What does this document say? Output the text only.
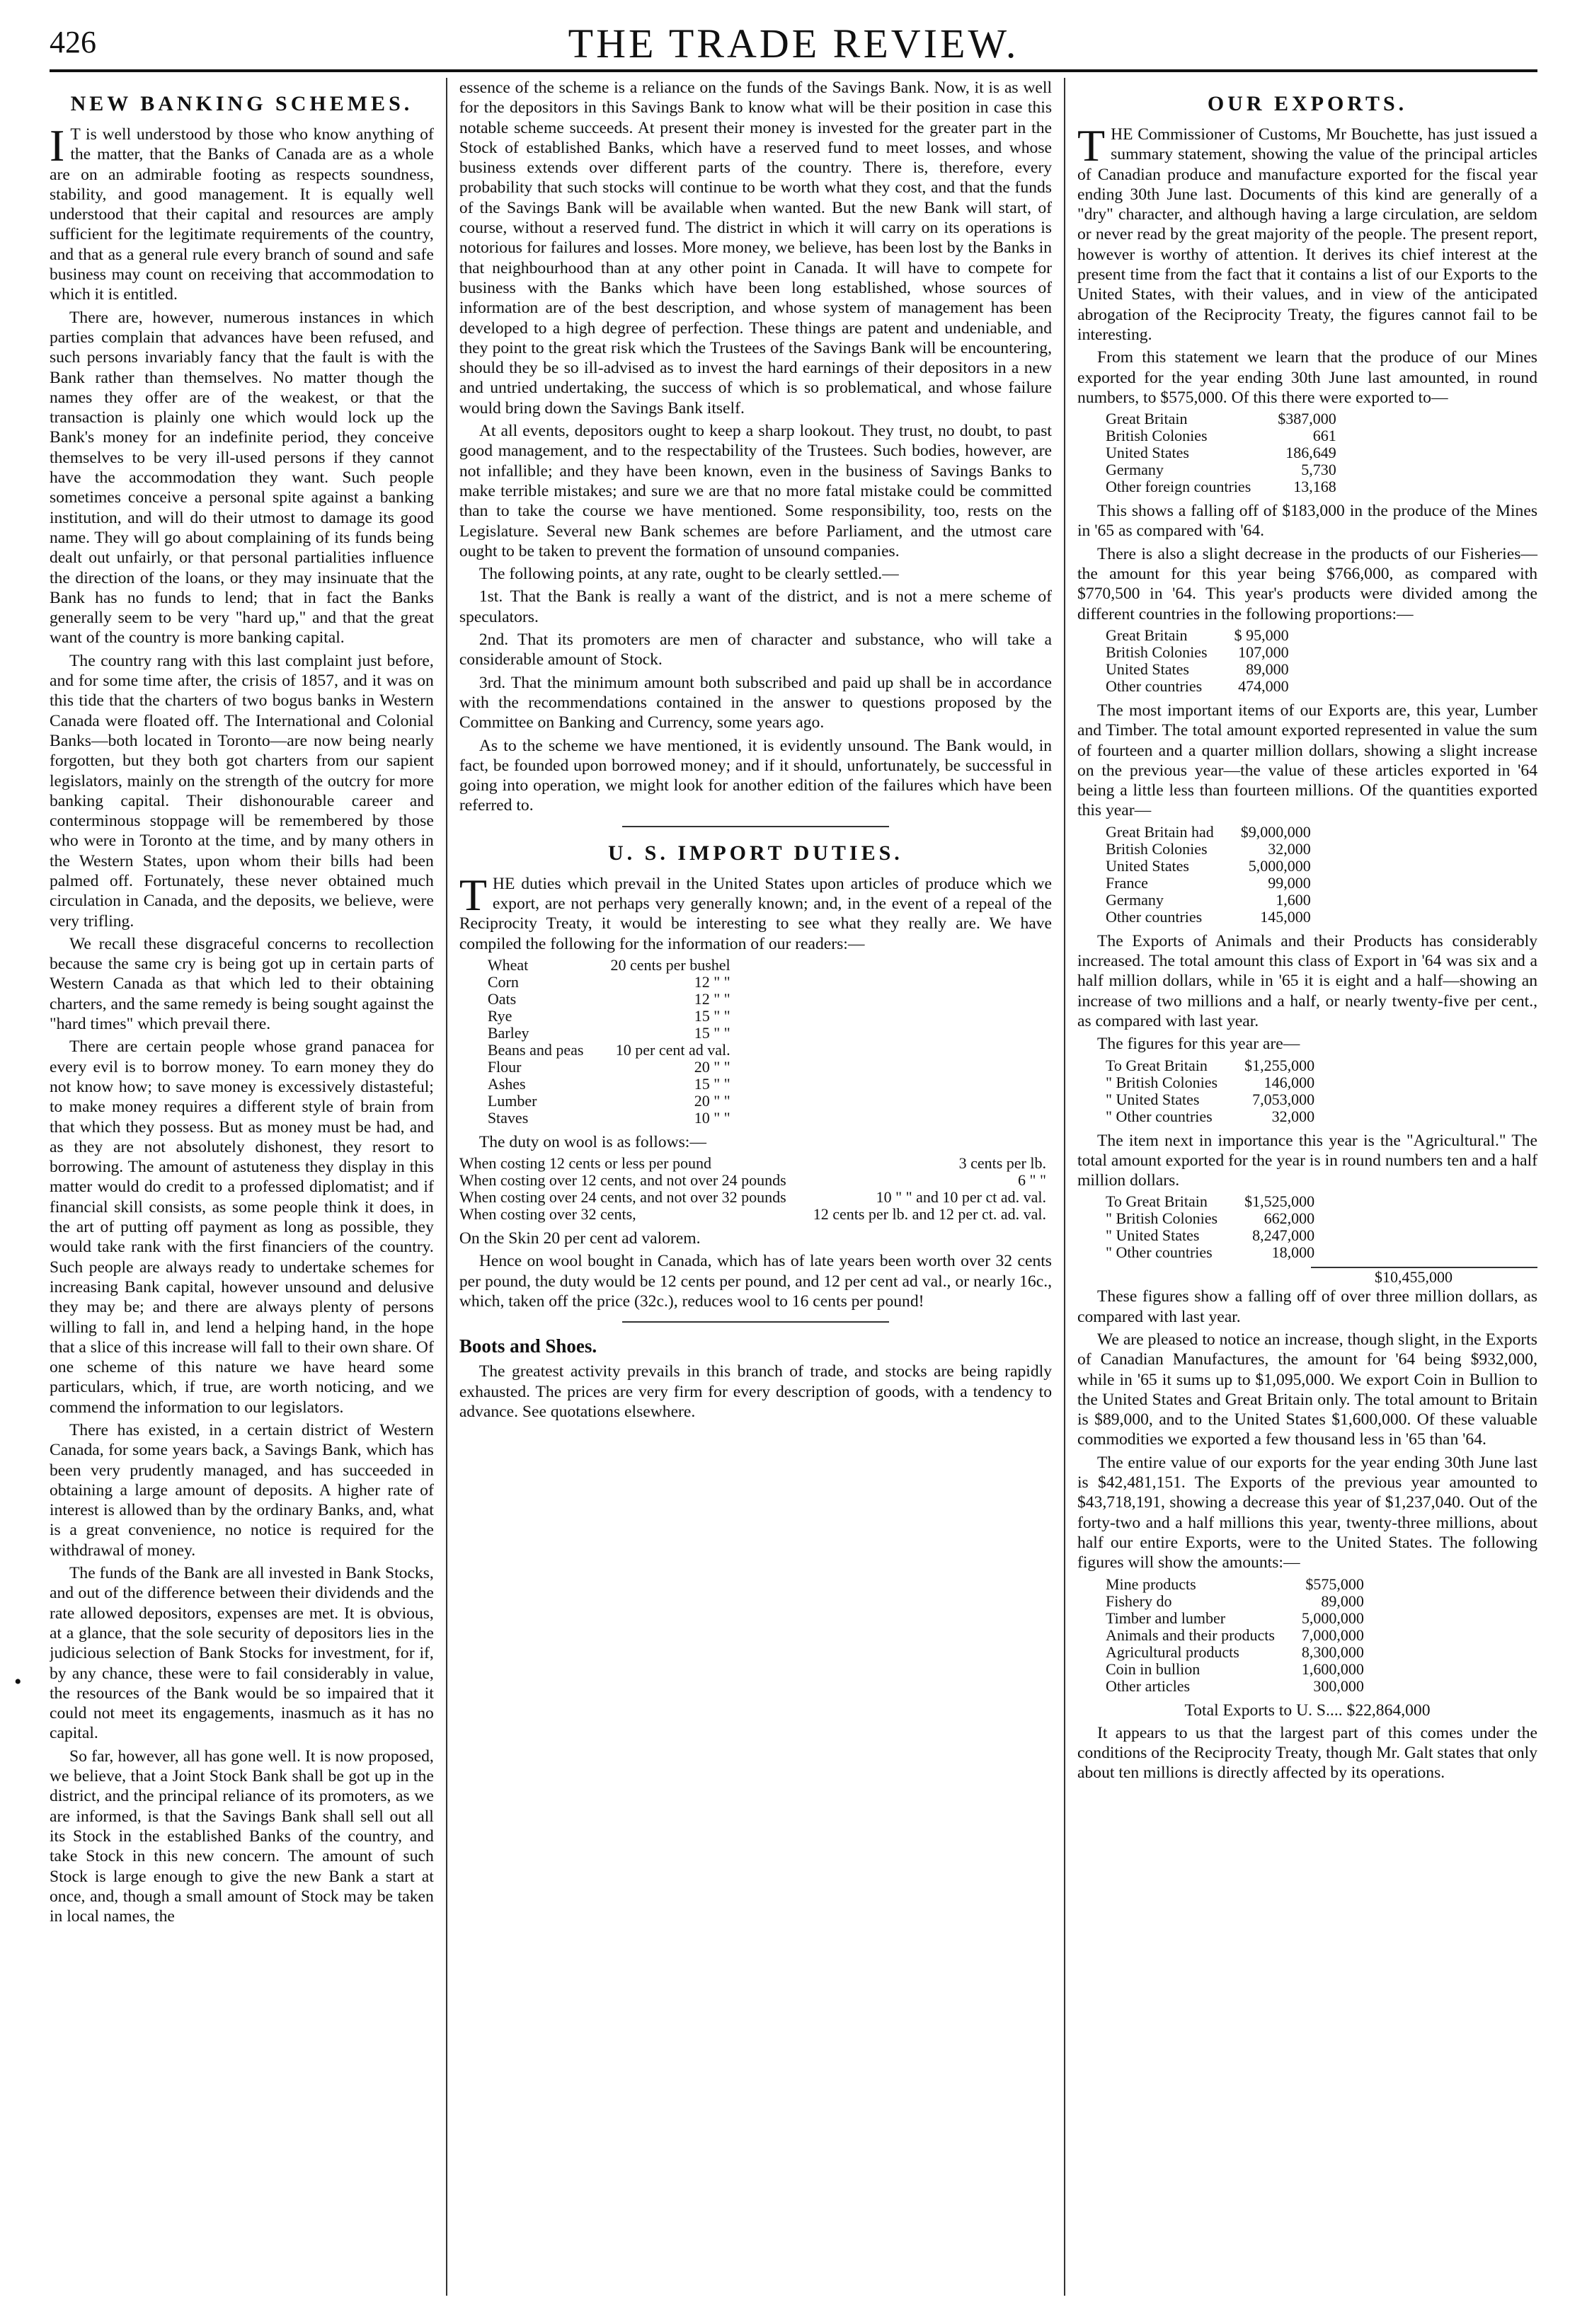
426	THE TRADE REVIEW.
NEW BANKING SCHEMES.

I T is well understood by those who know anything of the matter, that the Banks of Canada are as a whole are on an admirable footing as respects soundness, stability, and good management. It is equally well understood that their capital and resources are amply sufficient for the legitimate requirements of the country, and that as a general rule every branch of sound and safe business may count on receiving that accommodation to which it is entitled.

There are, however, numerous instances in which parties complain that advances have been refused, and such persons invariably fancy that the fault is with the Bank rather than themselves. No matter though the names they offer are of the weakest, or that the transaction is plainly one which would lock up the Bank's money for an indefinite period, they conceive themselves to be very ill-used persons if they cannot have the accommodation they want. Such people sometimes conceive a personal spite against a banking institution, and will do their utmost to damage its good name. They will go about complaining of its funds being dealt out unfairly, or that personal partialities influence the direction of the loans, or they may insinuate that the Bank has no funds to lend; that in fact the Banks generally seem to be very "hard up," and that the great want of the country is more banking capital.

The country rang with this last complaint just before, and for some time after, the crisis of 1857, and it was on this tide that the charters of two bogus banks in Western Canada were floated off. The International and Colonial Banks—both located in Toronto—are now being nearly forgotten, but they both got charters from our sapient legislators, mainly on the strength of the outcry for more banking capital. Their dishonourable career and conterminous stoppage will be remembered by those who were in Toronto at the time, and by many others in the Western States, upon whom their bills had been palmed off. Fortunately, these never obtained much circulation in Canada, and the deposits, we believe, were very trifling.

We recall these disgraceful concerns to recollection because the same cry is being got up in certain parts of Western Canada as that which led to their obtaining charters, and the same remedy is being sought against the "hard times" which prevail there.

There are certain people whose grand panacea for every evil is to borrow money. To earn money they do not know how; to save money is excessively distasteful; to make money requires a different style of brain from that which they possess. But as money must be had, and as they are not absolutely dishonest, they resort to borrowing. The amount of astuteness they display in this matter would do credit to a professed diplomatist; and if financial skill consists, as some people think it does, in the art of putting off payment as long as possible, they would take rank with the first financiers of the country. Such people are always ready to undertake schemes for increasing Bank capital, however unsound and delusive they may be; and there are always plenty of persons willing to fall in, and lend a helping hand, in the hope that a slice of this increase will fall to their own share. Of one scheme of this nature we have heard some particulars, which, if true, are worth noticing, and we commend the information to our legislators.

There has existed, in a certain district of Western Canada, for some years back, a Savings Bank, which has been very prudently managed, and has succeeded in obtaining a large amount of deposits. A higher rate of interest is allowed than by the ordinary Banks, and, what is a great convenience, no notice is required for the withdrawal of money.

The funds of the Bank are all invested in Bank Stocks, and out of the difference between their dividends and the rate allowed depositors, expenses are met. It is obvious, at a glance, that the sole security of depositors lies in the judicious selection of Bank Stocks for investment, for if, by any chance, these were to fail considerably in value, the resources of the Bank would be so impaired that it could not meet its engagements, inasmuch as it has no capital.

So far, however, all has gone well. It is now proposed, we believe, that a Joint Stock Bank shall be got up in the district, and the principal reliance of its promoters, as we are informed, is that the Savings Bank shall sell out all its Stock in the established Banks of the country, and take Stock in this new concern. The amount of such Stock is large enough to give the new Bank a start at once, and, though a small amount of Stock may be taken in local names, the

essence of the scheme is a reliance on the funds of the Savings Bank. Now, it is as well for the depositors in this Savings Bank to know what will be their position in case this notable scheme succeeds. At present their money is invested for the greater part in the Stock of established Banks, which have a reserved fund to meet losses, and whose business extends over different parts of the country. There is, therefore, every probability that such stocks will continue to be worth what they cost, and that the funds of the Savings Bank will be available when wanted. But the new Bank will start, of course, without a reserved fund. The district in which it will carry on its operations is notorious for failures and losses. More money, we believe, has been lost by the Banks in that neighbourhood than at any other point in Canada. It will have to compete for business with the Banks which have been long established, whose sources of information are of the best description, and whose system of management has been developed to a high degree of perfection. These things are patent and undeniable, and they point to the great risk which the Trustees of the Savings Bank will be encountering, should they be so ill-advised as to invest the hard earnings of their depositors in a new and untried undertaking, the success of which is so problematical, and whose failure would bring down the Savings Bank itself.

At all events, depositors ought to keep a sharp lookout. They trust, no doubt, to past good management, and to the respectability of the Trustees. Such bodies, however, are not infallible; and they have been known, even in the business of Savings Banks to make terrible mistakes; and sure we are that no more fatal mistake could be committed than to take the course we have mentioned. Some responsibility, too, rests on the Legislature. Several new Bank schemes are before Parliament, and the utmost care ought to be taken to prevent the formation of unsound companies.

The following points, at any rate, ought to be clearly settled.—

1st. That the Bank is really a want of the district, and is not a mere scheme of speculators.

2nd. That its promoters are men of character and substance, who will take a considerable amount of Stock.

3rd. That the minimum amount both subscribed and paid up shall be in accordance with the recommendations contained in the answer to questions proposed by the Committee on Banking and Currency, some years ago.

As to the scheme we have mentioned, it is evidently unsound. The Bank would, in fact, be founded upon borrowed money; and if it should, unfortunately, be successful in going into operation, we might look for another edition of the failures which have been referred to.

U. S. IMPORT DUTIES.

THE duties which prevail in the United States upon articles of produce which we export, are not perhaps very generally known; and, in the event of a repeal of the Reciprocity Treaty, it would be interesting to see what they really are. We have compiled the following for the information of our readers:—

Wheat	20 cents per bushel
Corn	12 " "
Oats	12 " "
Rye	15 " "
Barley	15 " "
Beans and peas	10 per cent ad val.
Flour	20 " "
Ashes	15 " "
Lumber	20 " "
Staves	10 " "

The duty on wool is as follows:—

When costing 12 cents or less per pound	3 cents per lb.
When costing over 12 cents, and not over 24 pounds	6 " "
When costing over 24 cents, and not over 32 pounds	10 " " and 10 per ct ad. val.
When costing over 32 cents,	12 cents per lb. and 12 per ct. ad. val.

On the Skin 20 per cent ad valorem.

Hence on wool bought in Canada, which has of late years been worth over 32 cents per pound, the duty would be 12 cents per pound, and 12 per cent ad val., or nearly 16c., which, taken off the price (32c.), reduces wool to 16 cents per pound!

Boots and Shoes.

The greatest activity prevails in this branch of trade, and stocks are being rapidly exhausted. The prices are very firm for every description of goods, with a tendency to advance. See quotations elsewhere.

OUR EXPORTS.

THE Commissioner of Customs, Mr Bouchette, has just issued a summary statement, showing the value of the principal articles of Canadian produce and manufacture exported for the fiscal year ending 30th June last. Documents of this kind are generally of a "dry" character, and although having a large circulation, are seldom or never read by the great majority of the people. The present report, however is worthy of attention. It derives its chief interest at the present time from the fact that it contains a list of our Exports to the United States, with their values, and in view of the anticipated abrogation of the Reciprocity Treaty, the figures cannot fail to be interesting.

From this statement we learn that the produce of our Mines exported for the year ending 30th June last amounted, in round numbers, to $575,000. Of this there were exported to—

Great Britain	$387,000
British Colonies	661
United States	186,649
Germany	5,730
Other foreign countries	13,168

This shows a falling off of $183,000 in the produce of the Mines in '65 as compared with '64.

There is also a slight decrease in the products of our Fisheries—the amount for this year being $766,000, as compared with $770,500 in '64. This year's products were divided among the different countries in the following proportions:—

Great Britain	$ 95,000
British Colonies	107,000
United States	89,000
Other countries	474,000

The most important items of our Exports are, this year, Lumber and Timber. The total amount exported represented in value the sum of fourteen and a quarter million dollars, showing a slight increase on the previous year—the value of these articles exported in '64 being a little less than fourteen millions. Of the quantities exported this year—

Great Britain had	$9,000,000
British Colonies	32,000
United States	5,000,000
France	99,000
Germany	1,600
Other countries	145,000

The Exports of Animals and their Products has considerably increased. The total amount this class of Export in '64 was six and a half million dollars, while in '65 it is eight and a half—showing an increase of two millions and a half, or nearly twenty-five per cent., as compared with last year.

The figures for this year are—

To Great Britain	$1,255,000
" British Colonies	146,000
" United States	7,053,000
" Other countries	32,000

The item next in importance this year is the "Agricultural." The total amount exported for the year is in round numbers ten and a half million dollars.

To Great Britain	$1,525,000
" British Colonies	662,000
" United States	8,247,000
" Other countries	18,000
$10,455,000

These figures show a falling off of over three million dollars, as compared with last year.

We are pleased to notice an increase, though slight, in the Exports of Canadian Manufactures, the amount for '64 being $932,000, while in '65 it sums up to $1,095,000. We export Coin in Bullion to the United States and Great Britain only. The total amount to Britain is $89,000, and to the United States $1,600,000. Of these valuable commodities we exported a few thousand less in '65 than '64.

The entire value of our exports for the year ending 30th June last is $42,481,151. The Exports of the previous year amounted to $43,718,191, showing a decrease this year of $1,237,040. Out of the forty-two and a half millions this year, twenty-three millions, about half our entire Exports, were to the United States. The following figures will show the amounts:—

Mine products	$575,000
Fishery do	89,000
Timber and lumber	5,000,000
Animals and their products	7,000,000
Agricultural products	8,300,000
Coin in bullion	1,600,000
Other articles	300,000

Total Exports to U. S.... $22,864,000

It appears to us that the largest part of this comes under the conditions of the Reciprocity Treaty, though Mr. Galt states that only about ten millions is directly affected by its operations.

•
